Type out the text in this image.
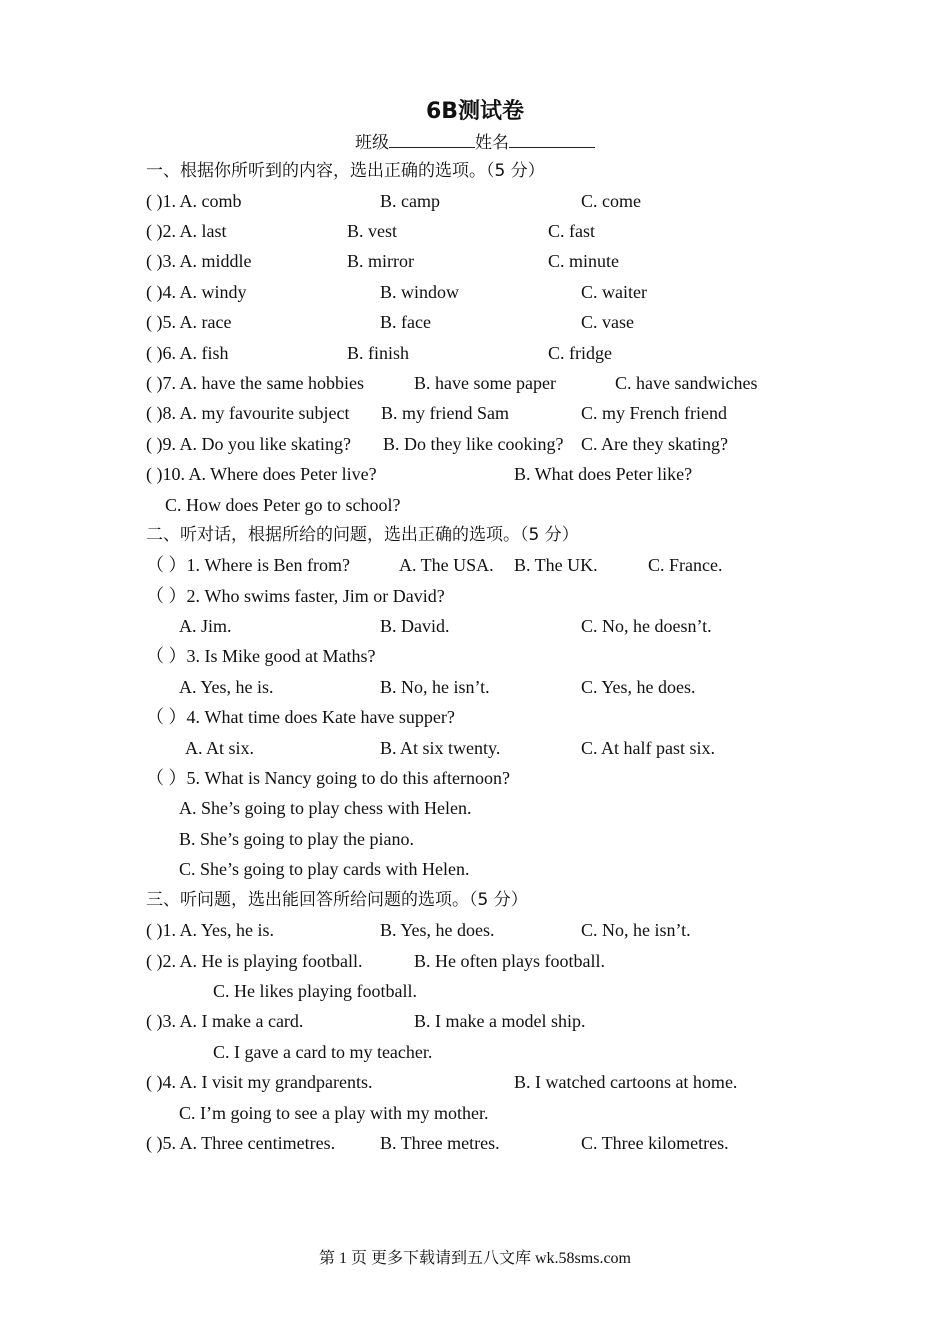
6B测试卷
班级	姓名
一、根据你所听到的内容，选出正确的选项。（5 分）
( )1. A. comb	B. camp	C. come
( )2. A. last	B. vest	C. fast
( )3. A. middle	B. mirror	C. minute
( )4. A. windy	B. window	C. waiter
( )5. A. race	B. face	C. vase
( )6. A. fish	B. finish	C. fridge
( )7. A. have the same hobbies	B. have some paper	C. have sandwiches
( )8. A. my favourite subject B. my friend Sam	C. my French friend
( )9. A. Do you like skating? B. Do they like cooking? C. Are they skating?
( )10. A. Where does Peter live?	B. What does Peter like?
C. How does Peter go to school?
二、听对话，根据所给的问题，选出正确的选项。（5 分）
（ ）1. Where is Ben from?	A. The USA. B. The UK.	C. France.
（ ）2. Who swims faster, Jim or David?
A. Jim.	B. David.	C. No, he doesn’t.
（ ）3. Is Mike good at Maths?
A. Yes, he is.	B. No, he isn’t.	C. Yes, he does.
（ ）4. What time does Kate have supper?
A. At six.	B. At six twenty.	C. At half past six.
（ ）5. What is Nancy going to do this afternoon?
A. She’s going to play chess with Helen.
B. She’s going to play the piano.
C. She’s going to play cards with Helen.
三、听问题，选出能回答所给问题的选项。（5 分）
( )1. A. Yes, he is.	B. Yes, he does.	C. No, he isn’t.
( )2. A. He is playing football.	B. He often plays football.
C. He likes playing football.
( )3. A. I make a card.	B. I make a model ship.
C. I gave a card to my teacher.
( )4. A. I visit my grandparents.	B. I watched cartoons at home.
C. I’m going to see a play with my mother.
( )5. A. Three centimetres. B. Three metres.	C. Three kilometres.
第 1 页 更多下载请到五八文库 wk.58sms.com
